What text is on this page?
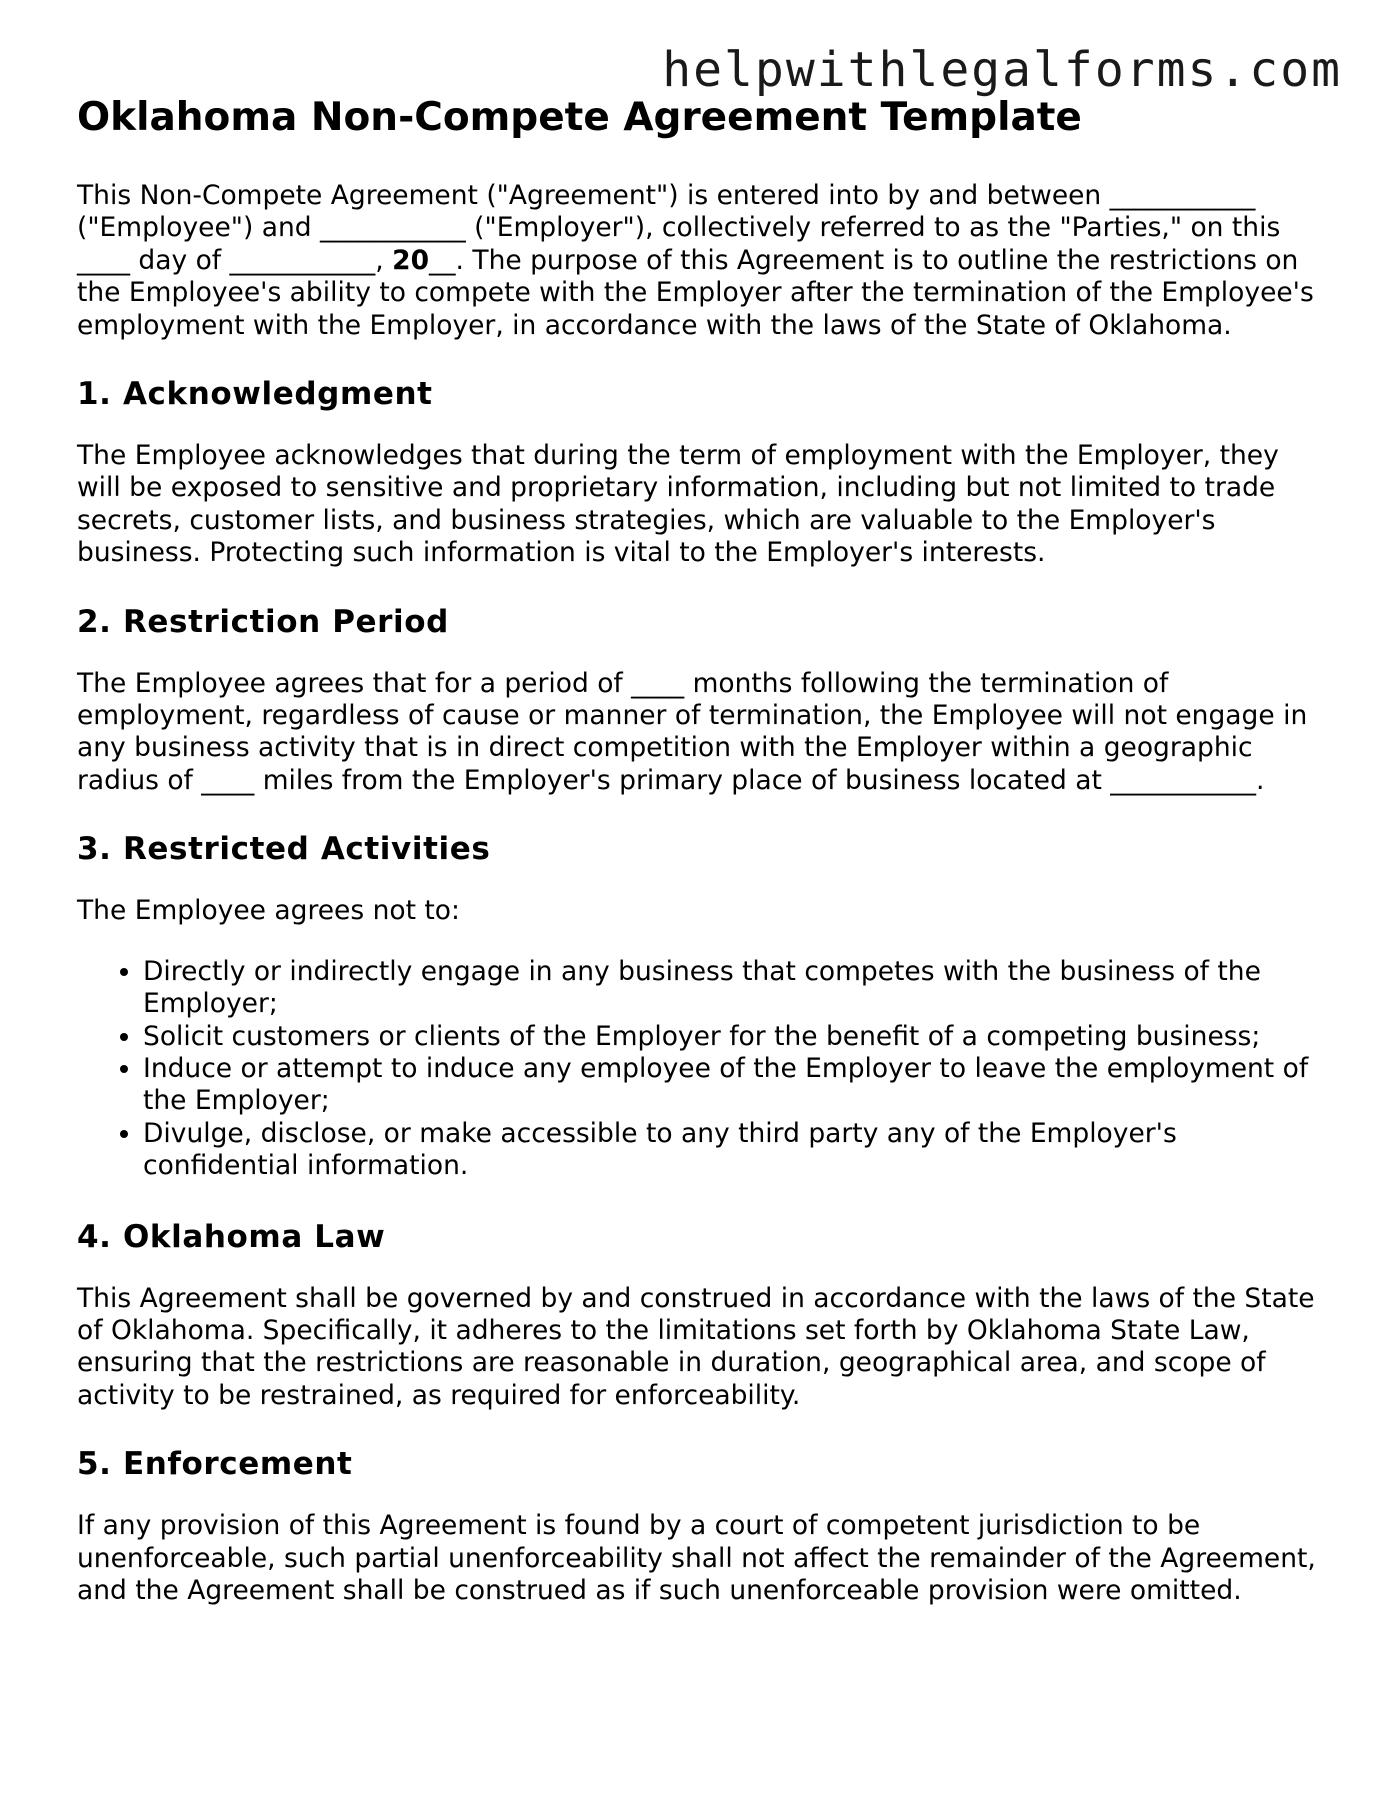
helpwithlegalforms.com
Oklahoma Non-Compete Agreement Template

This Non-Compete Agreement ("Agreement") is entered into by and between ___________ ("Employee") and ___________ ("Employer"), collectively referred to as the "Parties," on this ____ day of ___________, 20__. The purpose of this Agreement is to outline the restrictions on the Employee's ability to compete with the Employer after the termination of the Employee's employment with the Employer, in accordance with the laws of the State of Oklahoma.

1. Acknowledgment

The Employee acknowledges that during the term of employment with the Employer, they will be exposed to sensitive and proprietary information, including but not limited to trade secrets, customer lists, and business strategies, which are valuable to the Employer's business. Protecting such information is vital to the Employer's interests.

2. Restriction Period

The Employee agrees that for a period of ____ months following the termination of employment, regardless of cause or manner of termination, the Employee will not engage in any business activity that is in direct competition with the Employer within a geographic radius of ____ miles from the Employer's primary place of business located at ___________.

3. Restricted Activities

The Employee agrees not to:

• Directly or indirectly engage in any business that competes with the business of the Employer;
• Solicit customers or clients of the Employer for the benefit of a competing business;
• Induce or attempt to induce any employee of the Employer to leave the employment of the Employer;
• Divulge, disclose, or make accessible to any third party any of the Employer's confidential information.
4. Oklahoma Law

This Agreement shall be governed by and construed in accordance with the laws of the State of Oklahoma. Specifically, it adheres to the limitations set forth by Oklahoma State Law, ensuring that the restrictions are reasonable in duration, geographical area, and scope of activity to be restrained, as required for enforceability.

5. Enforcement

If any provision of this Agreement is found by a court of competent jurisdiction to be unenforceable, such partial unenforceability shall not affect the remainder of the Agreement, and the Agreement shall be construed as if such unenforceable provision were omitted.
